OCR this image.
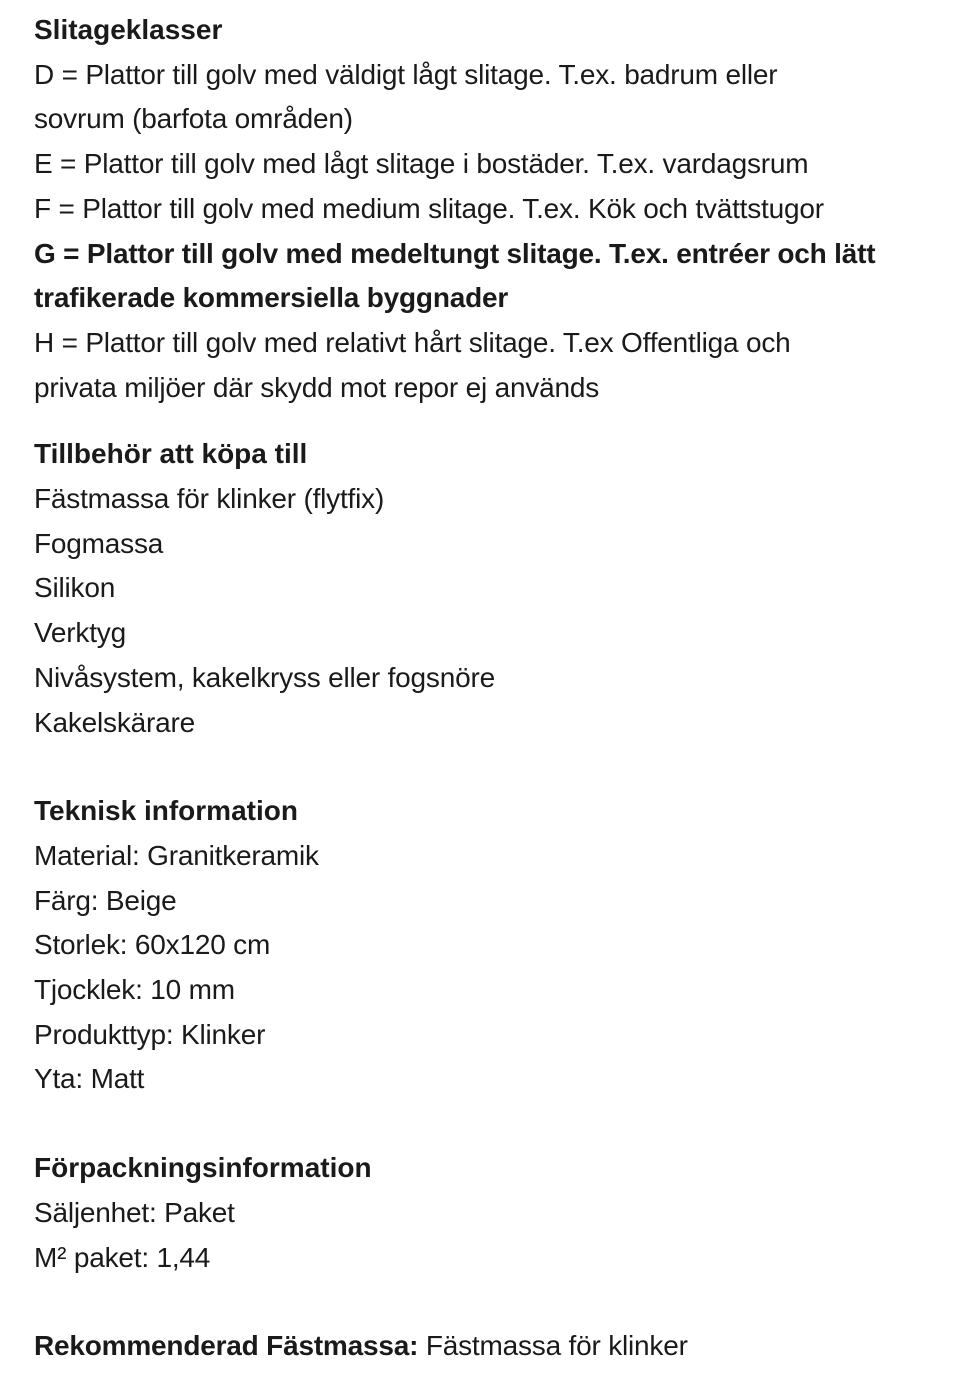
Slitageklasser
D = Plattor till golv med väldigt lågt slitage. T.ex. badrum eller
sovrum (barfota områden)
E = Plattor till golv med lågt slitage i bostäder. T.ex. vardagsrum
F = Plattor till golv med medium slitage. T.ex. Kök och tvättstugor
G = Plattor till golv med medeltungt slitage. T.ex. entréer och lätt
trafikerade kommersiella byggnader
H = Plattor till golv med relativt hårt slitage. T.ex Offentliga och
privata miljöer där skydd mot repor ej används
Tillbehör att köpa till
Fästmassa för klinker (flytfix)
Fogmassa
Silikon
Verktyg
Nivåsystem, kakelkryss eller fogsnöre
Kakelskärare
Teknisk information
Material: Granitkeramik
Färg: Beige
Storlek: 60x120 cm
Tjocklek: 10 mm
Produkttyp: Klinker
Yta: Matt
Förpackningsinformation
Säljenhet: Paket
M² paket: 1,44
Rekommenderad Fästmassa: Fästmassa för klinker
